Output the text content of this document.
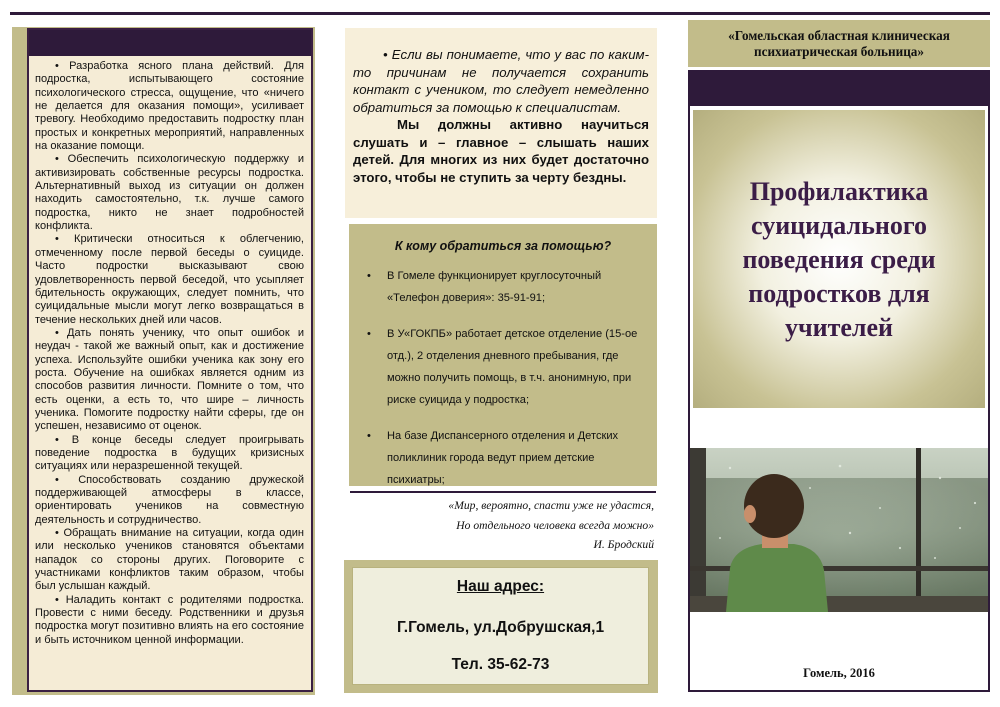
• Разработка ясного плана действий. Для подростка, испытывающего состояние психологического стресса, ощущение, что «ничего не делается для оказания помощи», усиливает тревогу. Необходимо предоставить подростку план простых и конкретных мероприятий, направленных на оказание помощи.

• Обеспечить психологическую поддержку и активизировать собственные ресурсы подростка. Альтернативный выход из ситуации он должен находить самостоятельно, т.к. лучше самого подростка, никто не знает подробностей конфликта.

• Критически относиться к облегчению, отмеченному после первой беседы о суициде. Часто подростки высказывают свою удовлетворенность первой беседой, что усыпляет бдительность окружающих, следует помнить, что суицидальные мысли могут легко возвращаться в течение нескольких дней или часов.

• Дать понять ученику, что опыт ошибок и неудач - такой же важный опыт, как и достижение успеха. Используйте ошибки ученика как зону его роста. Обучение на ошибках является одним из способов развития личности. Помните о том, что есть оценки, а есть то, что шире – личность ученика. Помогите подростку найти сферы, где он успешен, независимо от оценок.

• В конце беседы следует проигрывать поведение подростка в будущих кризисных ситуациях или неразрешенной текущей.

• Способствовать созданию дружеской поддерживающей атмосферы в классе, ориентировать учеников на совместную деятельность и сотрудничество.

• Обращать внимание на ситуации, когда один или несколько учеников становятся объектами нападок со стороны других. Поговорите с участниками конфликтов таким образом, чтобы был услышан каждый.

• Наладить контакт с родителями подростка. Провести с ними беседу. Родственники и друзья подростка могут позитивно влиять на его состояние и быть источником ценной информации.

• Если вы понимаете, что у вас по каким-то причинам не получается сохранить контакт с учеником, то следует немедленно обратиться за помощью к специалистам.

Мы должны активно научиться слушать и – главное – слышать наших детей. Для многих из них будет достаточно этого, чтобы не ступить за черту бездны.

К кому обратиться за помощью?
• В Гомеле функционирует круглосуточный «Телефон доверия»: 35-91-91;
• В У«ГОКПБ» работает детское отделение (15-ое отд.), 2 отделения дневного пребывания, где можно получить помощь, в т.ч. анонимную, при риске суицида у подростка;
• На базе Диспансерного отделения и Детских поликлиник города ведут прием детские психиатры;
«Мир, вероятно, спасти уже не удастся,
Но отдельного человека всегда можно»
И. Бродский
Наш адрес:
Г.Гомель, ул.Добрушская,1
Тел. 35-62-73
«Гомельская областная клиническая
психиатрическая больница»
Профилактика суицидального поведения среди подростков для учителей
Гомель, 2016
